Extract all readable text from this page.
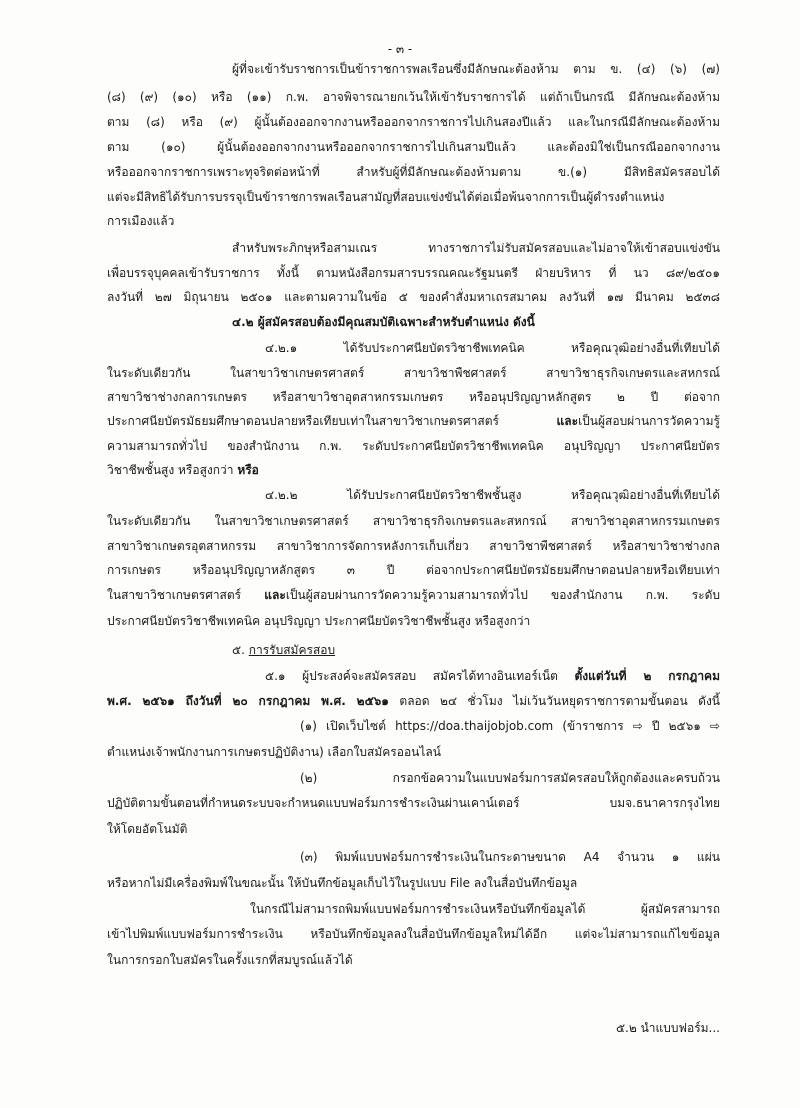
- ๓ -
ผู้ที่จะเข้ารับราชการเป็นข้าราชการพลเรือนซึ่งมีลักษณะต้องห้าม ตาม ข. (๔) (๖) (๗)
(๘) (๙) (๑๐) หรือ (๑๑) ก.พ. อาจพิจารณายกเว้นให้เข้ารับราชการได้ แต่ถ้าเป็นกรณี มีลักษณะต้องห้าม
ตาม (๘) หรือ (๙) ผู้นั้นต้องออกจากงานหรือออกจากราชการไปเกินสองปีแล้ว และในกรณีมีลักษณะต้องห้าม
ตาม (๑๐) ผู้นั้นต้องออกจากงานหรือออกจากราชการไปเกินสามปีแล้ว และต้องมิใช่เป็นกรณีออกจากงาน
หรือออกจากราชการเพราะทุจริตต่อหน้าที่ สำหรับผู้ที่มีลักษณะต้องห้ามตาม ข.(๑) มีสิทธิสมัครสอบได้
แต่จะมีสิทธิได้รับการบรรจุเป็นข้าราชการพลเรือนสามัญที่สอบแข่งขันได้ต่อเมื่อพ้นจากการเป็นผู้ดำรงตำแหน่ง
การเมืองแล้ว
สำหรับพระภิกษุหรือสามเณร ทางราชการไม่รับสมัครสอบและไม่อาจให้เข้าสอบแข่งขัน
เพื่อบรรจุบุคคลเข้ารับราชการ ทั้งนี้ ตามหนังสือกรมสารบรรณคณะรัฐมนตรี ฝ่ายบริหาร ที่ นว ๘๙/๒๕๐๑
ลงวันที่ ๒๗ มิถุนายน ๒๕๐๑ และตามความในข้อ ๕ ของคำสั่งมหาเถรสมาคม ลงวันที่ ๑๗ มีนาคม ๒๕๓๘
๔.๒ ผู้สมัครสอบต้องมีคุณสมบัติเฉพาะสำหรับตำแหน่ง ดังนี้
๔.๒.๑ ได้รับประกาศนียบัตรวิชาชีพเทคนิค หรือคุณวุฒิอย่างอื่นที่เทียบได้
ในระดับเดียวกัน ในสาขาวิชาเกษตรศาสตร์ สาขาวิชาพืชศาสตร์ สาขาวิชาธุรกิจเกษตรและสหกรณ์
สาขาวิชาช่างกลการเกษตร หรือสาขาวิชาอุตสาหกรรมเกษตร หรืออนุปริญญาหลักสูตร ๒ ปี ต่อจาก
ประกาศนียบัตรมัธยมศึกษาตอนปลายหรือเทียบเท่าในสาขาวิชาเกษตรศาสตร์ และเป็นผู้สอบผ่านการวัดความรู้
ความสามารถทั่วไป ของสำนักงาน ก.พ. ระดับประกาศนียบัตรวิชาชีพเทคนิค อนุปริญญา ประกาศนียบัตร
วิชาชีพชั้นสูง หรือสูงกว่า หรือ
๔.๒.๒ ได้รับประกาศนียบัตรวิชาชีพชั้นสูง หรือคุณวุฒิอย่างอื่นที่เทียบได้
ในระดับเดียวกัน ในสาขาวิชาเกษตรศาสตร์ สาขาวิชาธุรกิจเกษตรและสหกรณ์ สาขาวิชาอุตสาหกรรมเกษตร
สาขาวิชาเกษตรอุตสาหกรรม สาขาวิชาการจัดการหลังการเก็บเกี่ยว สาขาวิชาพืชศาสตร์ หรือสาขาวิชาช่างกล
การเกษตร หรืออนุปริญญาหลักสูตร ๓ ปี ต่อจากประกาศนียบัตรมัธยมศึกษาตอนปลายหรือเทียบเท่า
ในสาขาวิชาเกษตรศาสตร์ และเป็นผู้สอบผ่านการวัดความรู้ความสามารถทั่วไป ของสำนักงาน ก.พ. ระดับ
ประกาศนียบัตรวิชาชีพเทคนิค อนุปริญญา ประกาศนียบัตรวิชาชีพชั้นสูง หรือสูงกว่า
๕. การรับสมัครสอบ
๕.๑ ผู้ประสงค์จะสมัครสอบ สมัครได้ทางอินเทอร์เน็ต ตั้งแต่วันที่ ๒ กรกฎาคม
พ.ศ. ๒๕๖๑ ถึงวันที่ ๒๐ กรกฎาคม พ.ศ. ๒๕๖๑ ตลอด ๒๔ ชั่วโมง ไม่เว้นวันหยุดราชการตามขั้นตอน ดังนี้
(๑) เปิดเว็บไซต์ https://doa.thaijobjob.com (ข้าราชการ ⇨ ปี ๒๕๖๑ ⇨
ตำแหน่งเจ้าพนักงานการเกษตรปฏิบัติงาน) เลือกใบสมัครออนไลน์
(๒) กรอกข้อความในแบบฟอร์มการสมัครสอบให้ถูกต้องและครบถ้วน
ปฏิบัติตามขั้นตอนที่กำหนดระบบจะกำหนดแบบฟอร์มการชำระเงินผ่านเคาน์เตอร์ บมจ.ธนาคารกรุงไทย
ให้โดยอัตโนมัติ
(๓) พิมพ์แบบฟอร์มการชำระเงินในกระดาษขนาด A4 จำนวน ๑ แผ่น
หรือหากไม่มีเครื่องพิมพ์ในขณะนั้น ให้บันทึกข้อมูลเก็บไว้ในรูปแบบ File ลงในสื่อบันทึกข้อมูล
ในกรณีไม่สามารถพิมพ์แบบฟอร์มการชำระเงินหรือบันทึกข้อมูลได้ ผู้สมัครสามารถ
เข้าไปพิมพ์แบบฟอร์มการชำระเงิน หรือบันทึกข้อมูลลงในสื่อบันทึกข้อมูลใหม่ได้อีก แต่จะไม่สามารถแก้ไขข้อมูล
ในการกรอกใบสมัครในครั้งแรกที่สมบูรณ์แล้วได้
๕.๒ นำแบบฟอร์ม...
